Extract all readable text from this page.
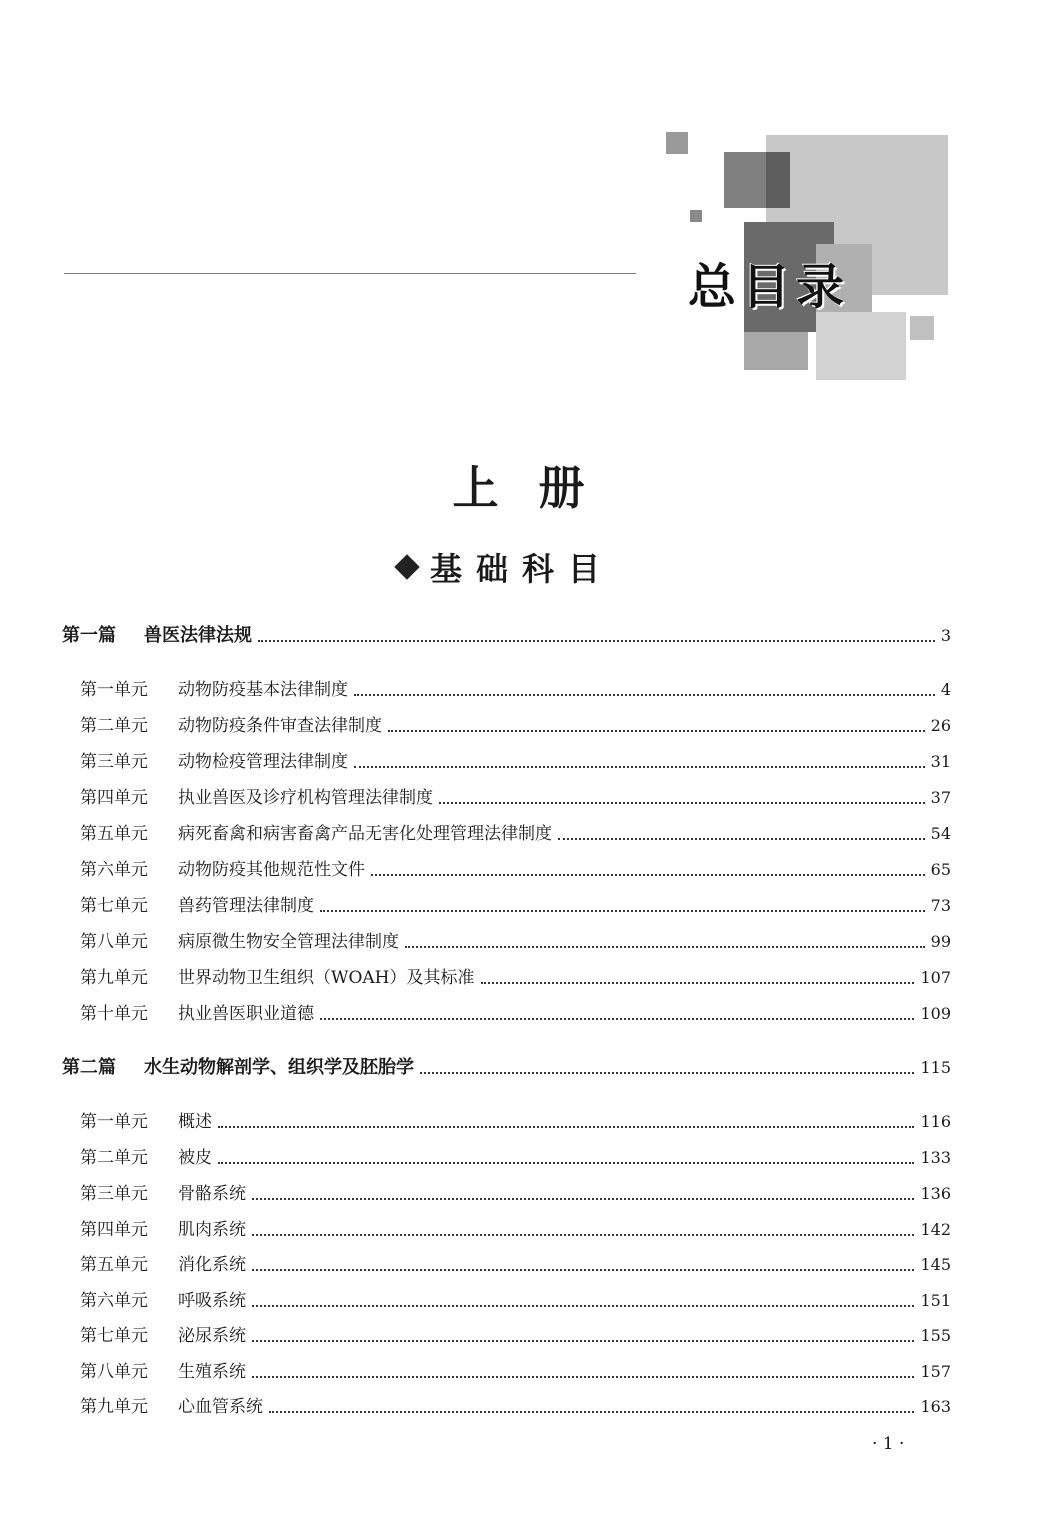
总目录
上册
基础科目
第一篇	兽医法律法规	3
第一单元	动物防疫基本法律制度	4
第二单元	动物防疫条件审查法律制度	26
第三单元	动物检疫管理法律制度	31
第四单元	执业兽医及诊疗机构管理法律制度	37
第五单元	病死畜禽和病害畜禽产品无害化处理管理法律制度	54
第六单元	动物防疫其他规范性文件	65
第七单元	兽药管理法律制度	73
第八单元	病原微生物安全管理法律制度	99
第九单元	世界动物卫生组织（WOAH）及其标准	107
第十单元	执业兽医职业道德	109
第二篇	水生动物解剖学、组织学及胚胎学	115
第一单元	概述	116
第二单元	被皮	133
第三单元	骨骼系统	136
第四单元	肌肉系统	142
第五单元	消化系统	145
第六单元	呼吸系统	151
第七单元	泌尿系统	155
第八单元	生殖系统	157
第九单元	心血管系统	163
· 1 ·
